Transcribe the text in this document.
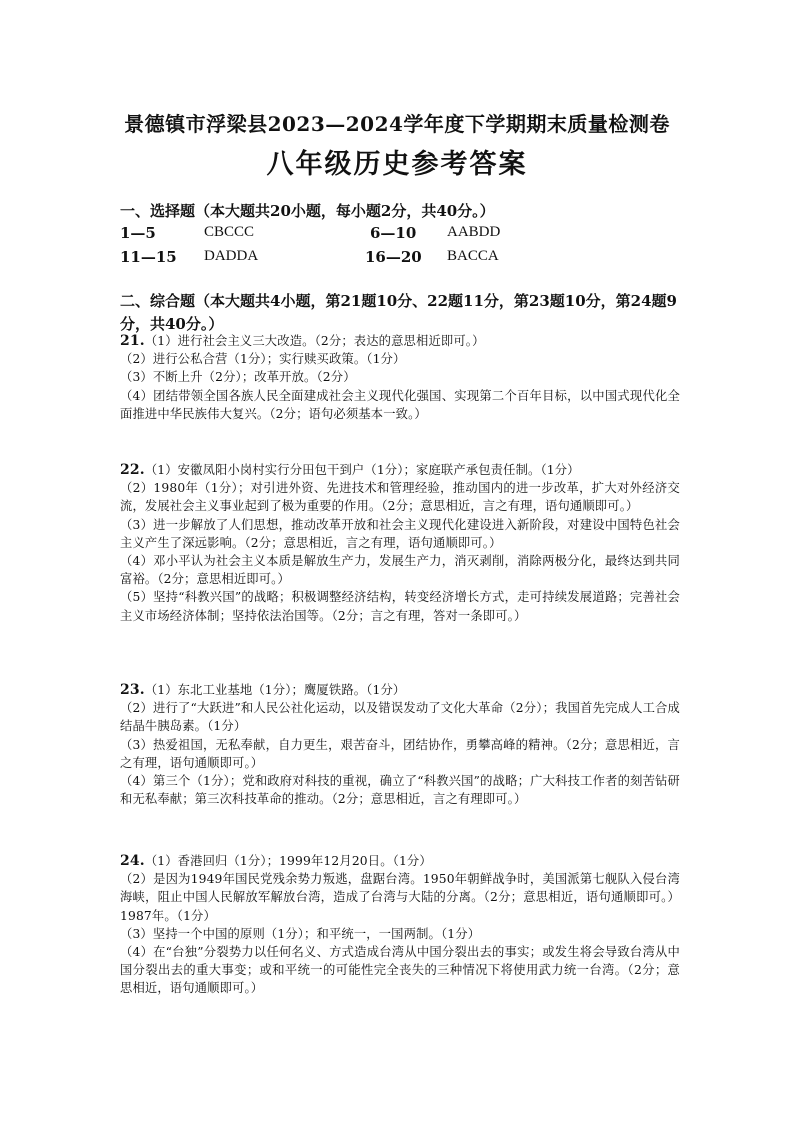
景德镇市浮梁县2023—2024学年度下学期期末质量检测卷
八年级历史参考答案
一、选择题（本大题共20小题，每小题2分，共40分。）
1—5	CBCCC	6—10 AABDD
11—15 DADDA	16—20 BACCA
二、综合题（本大题共4小题，第21题10分、22题11分，第23题10分，第24题9分，共40分。）
21.（1）进行社会主义三大改造。（2分；表达的意思相近即可。）
（2）进行公私合营（1分）；实行赎买政策。（1分）
（3）不断上升（2分）；改革开放。（2分）
（4）团结带领全国各族人民全面建成社会主义现代化强国、实现第二个百年目标，以中国式现代化全面推进中华民族伟大复兴。（2分；语句必须基本一致。）
22.（1）安徽凤阳小岗村实行分田包干到户（1分）；家庭联产承包责任制。（1分）
（2）1980年（1分）；对引进外资、先进技术和管理经验，推动国内的进一步改革，扩大对外经济交流，发展社会主义事业起到了极为重要的作用。（2分；意思相近，言之有理，语句通顺即可。）
（3）进一步解放了人们思想，推动改革开放和社会主义现代化建设进入新阶段，对建设中国特色社会主义产生了深远影响。（2分；意思相近，言之有理，语句通顺即可。）
（4）邓小平认为社会主义本质是解放生产力，发展生产力，消灭剥削，消除两极分化，最终达到共同富裕。（2分；意思相近即可。）
（5）坚持“科教兴国”的战略；积极调整经济结构，转变经济增长方式，走可持续发展道路；完善社会主义市场经济体制；坚持依法治国等。（2分；言之有理，答对一条即可。）
23.（1）东北工业基地（1分）；鹰厦铁路。（1分）
（2）进行了“大跃进”和人民公社化运动，以及错误发动了文化大革命（2分）；我国首先完成人工合成结晶牛胰岛素。（1分）
（3）热爱祖国，无私奉献，自力更生，艰苦奋斗，团结协作，勇攀高峰的精神。（2分；意思相近，言之有理，语句通顺即可。）
（4）第三个（1分）；党和政府对科技的重视，确立了“科教兴国”的战略；广大科技工作者的刻苦钻研和无私奉献；第三次科技革命的推动。（2分；意思相近，言之有理即可。）
24.（1）香港回归（1分）；1999年12月20日。（1分）
（2）是因为1949年国民党残余势力叛逃，盘踞台湾。1950年朝鲜战争时，美国派第七舰队入侵台湾海峡，阻止中国人民解放军解放台湾，造成了台湾与大陆的分离。（2分；意思相近，语句通顺即可。）1987年。（1分）
（3）坚持一个中国的原则（1分）；和平统一，一国两制。（1分）
（4）在“台独”分裂势力以任何名义、方式造成台湾从中国分裂出去的事实；或发生将会导致台湾从中国分裂出去的重大事变；或和平统一的可能性完全丧失的三种情况下将使用武力统一台湾。（2分；意思相近，语句通顺即可。）
